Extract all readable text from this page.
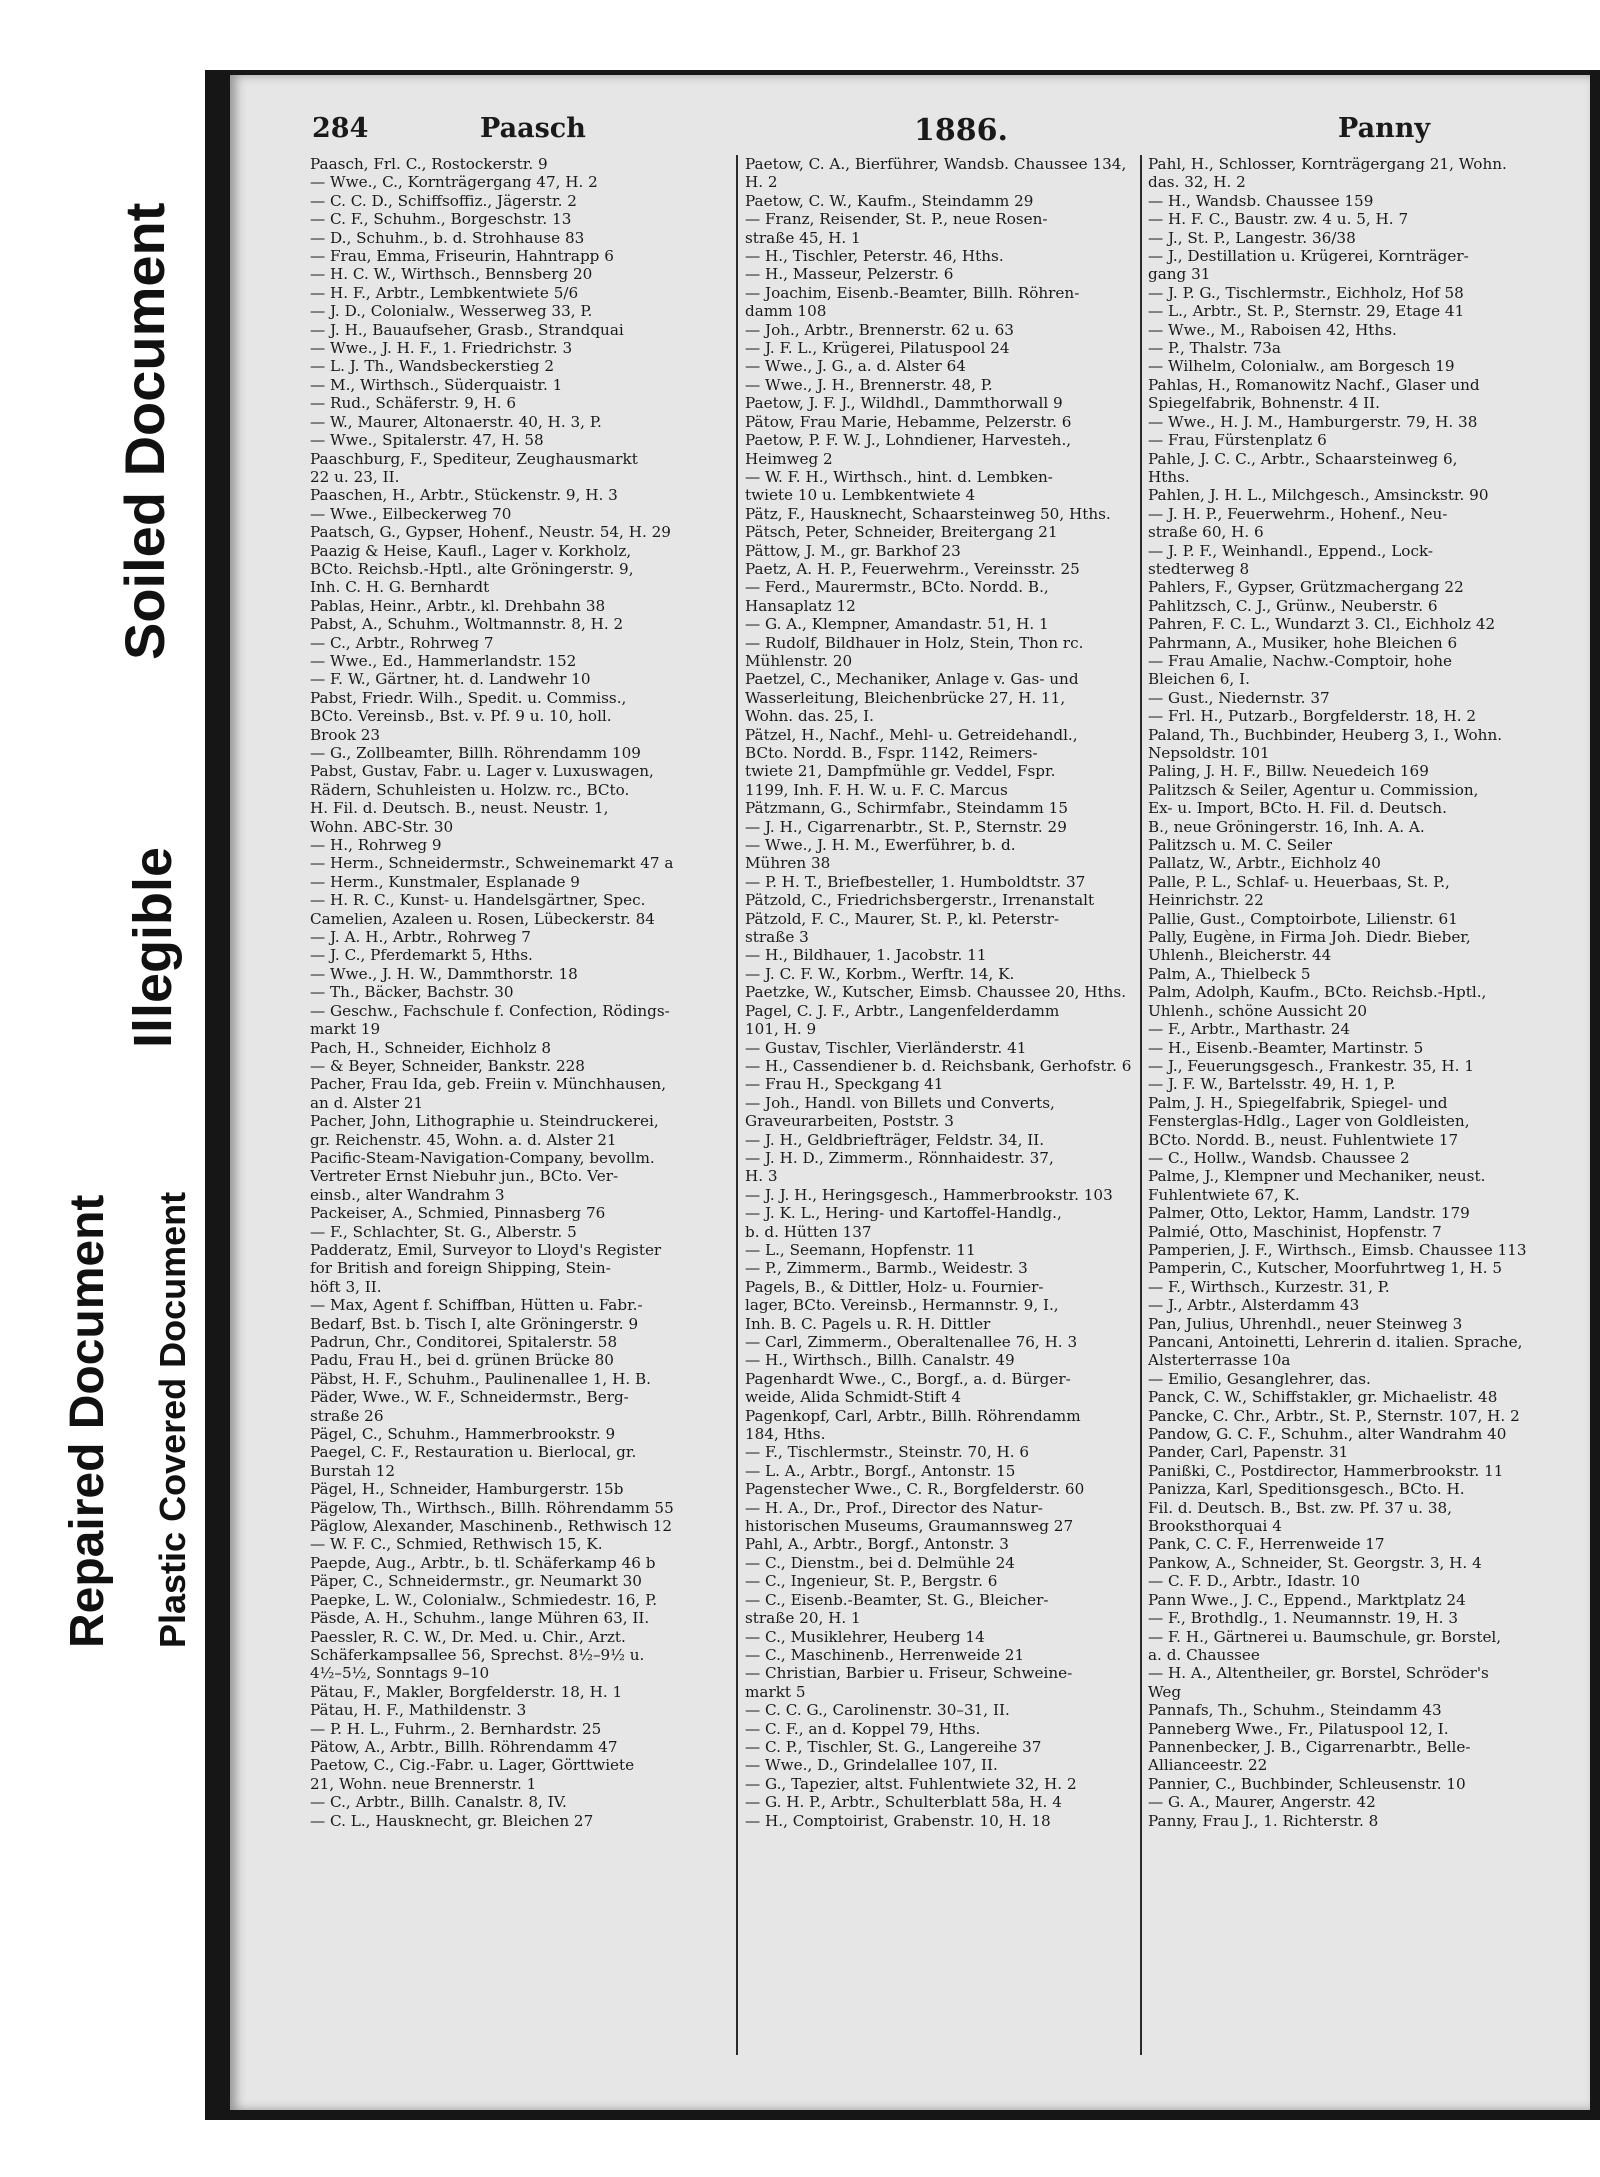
Soiled Document
Illegible
Repaired Document Plastic Covered Document
284	Paasch	1886.	Panny
Paasch, Frl. C., Rostockerstr. 9
— Wwe., C., Kornträgergang 47, H. 2
— C. C. D., Schiffsoffiz., Jägerstr. 2
— C. F., Schuhm., Borgeschstr. 13
— D., Schuhm., b. d. Strohhause 83
— Frau, Emma, Friseurin, Hahntrapp 6
— H. C. W., Wirthsch., Bennsberg 20
— H. F., Arbtr., Lembkentwiete 5/6
— J. D., Colonialw., Wesserweg 33, P.
— J. H., Bauaufseher, Grasb., Strandquai
— Wwe., J. H. F., 1. Friedrichstr. 3
— L. J. Th., Wandsbeckerstieg 2
— M., Wirthsch., Süderquaistr. 1
— Rud., Schäferstr. 9, H. 6
— W., Maurer, Altonaerstr. 40, H. 3, P.
— Wwe., Spitalerstr. 47, H. 58
Paaschburg, F., Spediteur, Zeughausmarkt
22 u. 23, II.
Paaschen, H., Arbtr., Stückenstr. 9, H. 3
— Wwe., Eilbeckerweg 70
Paatsch, G., Gypser, Hohenf., Neustr. 54, H. 29
Paazig & Heise, Kaufl., Lager v. Korkholz,
BCto. Reichsb.-Hptl., alte Gröningerstr. 9,
Inh. C. H. G. Bernhardt
Pablas, Heinr., Arbtr., kl. Drehbahn 38
Pabst, A., Schuhm., Woltmannstr. 8, H. 2
— C., Arbtr., Rohrweg 7
— Wwe., Ed., Hammerlandstr. 152
— F. W., Gärtner, ht. d. Landwehr 10
Pabst, Friedr. Wilh., Spedit. u. Commiss.,
BCto. Vereinsb., Bst. v. Pf. 9 u. 10, holl.
Brook 23
— G., Zollbeamter, Billh. Röhrendamm 109
Pabst, Gustav, Fabr. u. Lager v. Luxuswagen,
Rädern, Schuhleisten u. Holzw. rc., BCto.
H. Fil. d. Deutsch. B., neust. Neustr. 1,
Wohn. ABC-Str. 30
— H., Rohrweg 9
— Herm., Schneidermstr., Schweinemarkt 47 a
— Herm., Kunstmaler, Esplanade 9
— H. R. C., Kunst- u. Handelsgärtner, Spec.
Camelien, Azaleen u. Rosen, Lübeckerstr. 84
— J. A. H., Arbtr., Rohrweg 7
— J. C., Pferdemarkt 5, Hths.
— Wwe., J. H. W., Dammthorstr. 18
— Th., Bäcker, Bachstr. 30
— Geschw., Fachschule f. Confection, Rödings-
markt 19
Pach, H., Schneider, Eichholz 8
— & Beyer, Schneider, Bankstr. 228
Pacher, Frau Ida, geb. Freiin v. Münchhausen,
an d. Alster 21
Pacher, John, Lithographie u. Steindruckerei,
gr. Reichenstr. 45, Wohn. a. d. Alster 21
Pacific-Steam-Navigation-Company, bevollm.
Vertreter Ernst Niebuhr jun., BCto. Ver-
einsb., alter Wandrahm 3
Packeiser, A., Schmied, Pinnasberg 76
— F., Schlachter, St. G., Alberstr. 5
Padderatz, Emil, Surveyor to Lloyd's Register
for British and foreign Shipping, Stein-
höft 3, II.
— Max, Agent f. Schiffban, Hütten u. Fabr.-
Bedarf, Bst. b. Tisch I, alte Gröningerstr. 9
Padrun, Chr., Conditorei, Spitalerstr. 58
Padu, Frau H., bei d. grünen Brücke 80
Päbst, H. F., Schuhm., Paulinenallee 1, H. B.
Päder, Wwe., W. F., Schneidermstr., Berg-
straße 26
Pägel, C., Schuhm., Hammerbrookstr. 9
Paegel, C. F., Restauration u. Bierlocal, gr.
Burstah 12
Pägel, H., Schneider, Hamburgerstr. 15b
Pägelow, Th., Wirthsch., Billh. Röhrendamm 55
Päglow, Alexander, Maschinenb., Rethwisch 12
— W. F. C., Schmied, Rethwisch 15, K.
Paepde, Aug., Arbtr., b. tl. Schäferkamp 46 b
Päper, C., Schneidermstr., gr. Neumarkt 30
Paepke, L. W., Colonialw., Schmiedestr. 16, P.
Päsde, A. H., Schuhm., lange Mühren 63, II.
Paessler, R. C. W., Dr. Med. u. Chir., Arzt.
Schäferkampsallee 56, Sprechst. 8½–9½ u.
4½–5½, Sonntags 9–10
Pätau, F., Makler, Borgfelderstr. 18, H. 1
Pätau, H. F., Mathildenstr. 3
— P. H. L., Fuhrm., 2. Bernhardstr. 25
Pätow, A., Arbtr., Billh. Röhrendamm 47
Paetow, C., Cig.-Fabr. u. Lager, Görttwiete
21, Wohn. neue Brennerstr. 1
— C., Arbtr., Billh. Canalstr. 8, IV.
— C. L., Hausknecht, gr. Bleichen 27
Paetow, C. A., Bierführer, Wandsb. Chaussee 134,
H. 2
Paetow, C. W., Kaufm., Steindamm 29
— Franz, Reisender, St. P., neue Rosen-
straße 45, H. 1
— H., Tischler, Peterstr. 46, Hths.
— H., Masseur, Pelzerstr. 6
— Joachim, Eisenb.-Beamter, Billh. Röhren-
damm 108
— Joh., Arbtr., Brennerstr. 62 u. 63
— J. F. L., Krügerei, Pilatuspool 24
— Wwe., J. G., a. d. Alster 64
— Wwe., J. H., Brennerstr. 48, P.
Paetow, J. F. J., Wildhdl., Dammthorwall 9
Pätow, Frau Marie, Hebamme, Pelzerstr. 6
Paetow, P. F. W. J., Lohndiener, Harvesteh.,
Heimweg 2
— W. F. H., Wirthsch., hint. d. Lembken-
twiete 10 u. Lembkentwiete 4
Pätz, F., Hausknecht, Schaarsteinweg 50, Hths.
Pätsch, Peter, Schneider, Breitergang 21
Pättow, J. M., gr. Barkhof 23
Paetz, A. H. P., Feuerwehrm., Vereinsstr. 25
— Ferd., Maurermstr., BCto. Nordd. B.,
Hansaplatz 12
— G. A., Klempner, Amandastr. 51, H. 1
— Rudolf, Bildhauer in Holz, Stein, Thon rc.
Mühlenstr. 20
Paetzel, C., Mechaniker, Anlage v. Gas- und
Wasserleitung, Bleichenbrücke 27, H. 11,
Wohn. das. 25, I.
Pätzel, H., Nachf., Mehl- u. Getreidehandl.,
BCto. Nordd. B., Fspr. 1142, Reimers-
twiete 21, Dampfmühle gr. Veddel, Fspr.
1199, Inh. F. H. W. u. F. C. Marcus
Pätzmann, G., Schirmfabr., Steindamm 15
— J. H., Cigarrenarbtr., St. P., Sternstr. 29
— Wwe., J. H. M., Ewerführer, b. d.
Mühren 38
— P. H. T., Briefbesteller, 1. Humboldtstr. 37
Pätzold, C., Friedrichsbergerstr., Irrenanstalt
Pätzold, F. C., Maurer, St. P., kl. Peterstr-
straße 3
— H., Bildhauer, 1. Jacobstr. 11
— J. C. F. W., Korbm., Werftr. 14, K.
Paetzke, W., Kutscher, Eimsb. Chaussee 20, Hths.
Pagel, C. J. F., Arbtr., Langenfelderdamm
101, H. 9
— Gustav, Tischler, Vierländerstr. 41
— H., Cassendiener b. d. Reichsbank, Gerhofstr. 6
— Frau H., Speckgang 41
— Joh., Handl. von Billets und Converts,
Graveurarbeiten, Poststr. 3
— J. H., Geldbriefträger, Feldstr. 34, II.
— J. H. D., Zimmerm., Rönnhaidestr. 37,
H. 3
— J. J. H., Heringsgesch., Hammerbrookstr. 103
— J. K. L., Hering- und Kartoffel-Handlg.,
b. d. Hütten 137
— L., Seemann, Hopfenstr. 11
— P., Zimmerm., Barmb., Weidestr. 3
Pagels, B., & Dittler, Holz- u. Fournier-
lager, BCto. Vereinsb., Hermannstr. 9, I.,
Inh. B. C. Pagels u. R. H. Dittler
— Carl, Zimmerm., Oberaltenallee 76, H. 3
— H., Wirthsch., Billh. Canalstr. 49
Pagenhardt Wwe., C., Borgf., a. d. Bürger-
weide, Alida Schmidt-Stift 4
Pagenkopf, Carl, Arbtr., Billh. Röhrendamm
184, Hths.
— F., Tischlermstr., Steinstr. 70, H. 6
— L. A., Arbtr., Borgf., Antonstr. 15
Pagenstecher Wwe., C. R., Borgfelderstr. 60
— H. A., Dr., Prof., Director des Natur-
historischen Museums, Graumannsweg 27
Pahl, A., Arbtr., Borgf., Antonstr. 3
— C., Dienstm., bei d. Delmühle 24
— C., Ingenieur, St. P., Bergstr. 6
— C., Eisenb.-Beamter, St. G., Bleicher-
straße 20, H. 1
— C., Musiklehrer, Heuberg 14
— C., Maschinenb., Herrenweide 21
— Christian, Barbier u. Friseur, Schweine-
markt 5
— C. C. G., Carolinenstr. 30–31, II.
— C. F., an d. Koppel 79, Hths.
— C. P., Tischler, St. G., Langereihe 37
— Wwe., D., Grindelallee 107, II.
— G., Tapezier, altst. Fuhlentwiete 32, H. 2
— G. H. P., Arbtr., Schulterblatt 58a, H. 4
— H., Comptoirist, Grabenstr. 10, H. 18
Pahl, H., Schlosser, Kornträgergang 21, Wohn.
das. 32, H. 2
— H., Wandsb. Chaussee 159
— H. F. C., Baustr. zw. 4 u. 5, H. 7
— J., St. P., Langestr. 36/38
— J., Destillation u. Krügerei, Kornträger-
gang 31
— J. P. G., Tischlermstr., Eichholz, Hof 58
— L., Arbtr., St. P., Sternstr. 29, Etage 41
— Wwe., M., Raboisen 42, Hths.
— P., Thalstr. 73a
— Wilhelm, Colonialw., am Borgesch 19
Pahlas, H., Romanowitz Nachf., Glaser und
Spiegelfabrik, Bohnenstr. 4 II.
— Wwe., H. J. M., Hamburgerstr. 79, H. 38
— Frau, Fürstenplatz 6
Pahle, J. C. C., Arbtr., Schaarsteinweg 6,
Hths.
Pahlen, J. H. L., Milchgesch., Amsinckstr. 90
— J. H. P., Feuerwehrm., Hohenf., Neu-
straße 60, H. 6
— J. P. F., Weinhandl., Eppend., Lock-
stedterweg 8
Pahlers, F., Gypser, Grützmachergang 22
Pahlitzsch, C. J., Grünw., Neuberstr. 6
Pahren, F. C. L., Wundarzt 3. Cl., Eichholz 42
Pahrmann, A., Musiker, hohe Bleichen 6
— Frau Amalie, Nachw.-Comptoir, hohe
Bleichen 6, I.
— Gust., Niedernstr. 37
— Frl. H., Putzarb., Borgfelderstr. 18, H. 2
Paland, Th., Buchbinder, Heuberg 3, I., Wohn.
Nepsoldstr. 101
Paling, J. H. F., Billw. Neuedeich 169
Palitzsch & Seiler, Agentur u. Commission,
Ex- u. Import, BCto. H. Fil. d. Deutsch.
B., neue Gröningerstr. 16, Inh. A. A.
Palitzsch u. M. C. Seiler
Pallatz, W., Arbtr., Eichholz 40
Palle, P. L., Schlaf- u. Heuerbaas, St. P.,
Heinrichstr. 22
Pallie, Gust., Comptoirbote, Lilienstr. 61
Pally, Eugène, in Firma Joh. Diedr. Bieber,
Uhlenh., Bleicherstr. 44
Palm, A., Thielbeck 5
Palm, Adolph, Kaufm., BCto. Reichsb.-Hptl.,
Uhlenh., schöne Aussicht 20
— F., Arbtr., Marthastr. 24
— H., Eisenb.-Beamter, Martinstr. 5
— J., Feuerungsgesch., Frankestr. 35, H. 1
— J. F. W., Bartelsstr. 49, H. 1, P.
Palm, J. H., Spiegelfabrik, Spiegel- und
Fensterglas-Hdlg., Lager von Goldleisten,
BCto. Nordd. B., neust. Fuhlentwiete 17
— C., Hollw., Wandsb. Chaussee 2
Palme, J., Klempner und Mechaniker, neust.
Fuhlentwiete 67, K.
Palmer, Otto, Lektor, Hamm, Landstr. 179
Palmié, Otto, Maschinist, Hopfenstr. 7
Pamperien, J. F., Wirthsch., Eimsb. Chaussee 113
Pamperin, C., Kutscher, Moorfuhrtweg 1, H. 5
— F., Wirthsch., Kurzestr. 31, P.
— J., Arbtr., Alsterdamm 43
Pan, Julius, Uhrenhdl., neuer Steinweg 3
Pancani, Antoinetti, Lehrerin d. italien. Sprache,
Alsterterrasse 10a
— Emilio, Gesanglehrer, das.
Panck, C. W., Schiffstakler, gr. Michaelistr. 48
Pancke, C. Chr., Arbtr., St. P., Sternstr. 107, H. 2
Pandow, G. C. F., Schuhm., alter Wandrahm 40
Pander, Carl, Papenstr. 31
Panißki, C., Postdirector, Hammerbrookstr. 11
Panizza, Karl, Speditionsgesch., BCto. H.
Fil. d. Deutsch. B., Bst. zw. Pf. 37 u. 38,
Brooksthorquai 4
Pank, C. C. F., Herrenweide 17
Pankow, A., Schneider, St. Georgstr. 3, H. 4
— C. F. D., Arbtr., Idastr. 10
Pann Wwe., J. C., Eppend., Marktplatz 24
— F., Brothdlg., 1. Neumannstr. 19, H. 3
— F. H., Gärtnerei u. Baumschule, gr. Borstel,
a. d. Chaussee
— H. A., Altentheiler, gr. Borstel, Schröder's
Weg
Pannafs, Th., Schuhm., Steindamm 43
Panneberg Wwe., Fr., Pilatuspool 12, I.
Pannenbecker, J. B., Cigarrenarbtr., Belle-
Allianceestr. 22
Pannier, C., Buchbinder, Schleusenstr. 10
— G. A., Maurer, Angerstr. 42
Panny, Frau J., 1. Richterstr. 8
